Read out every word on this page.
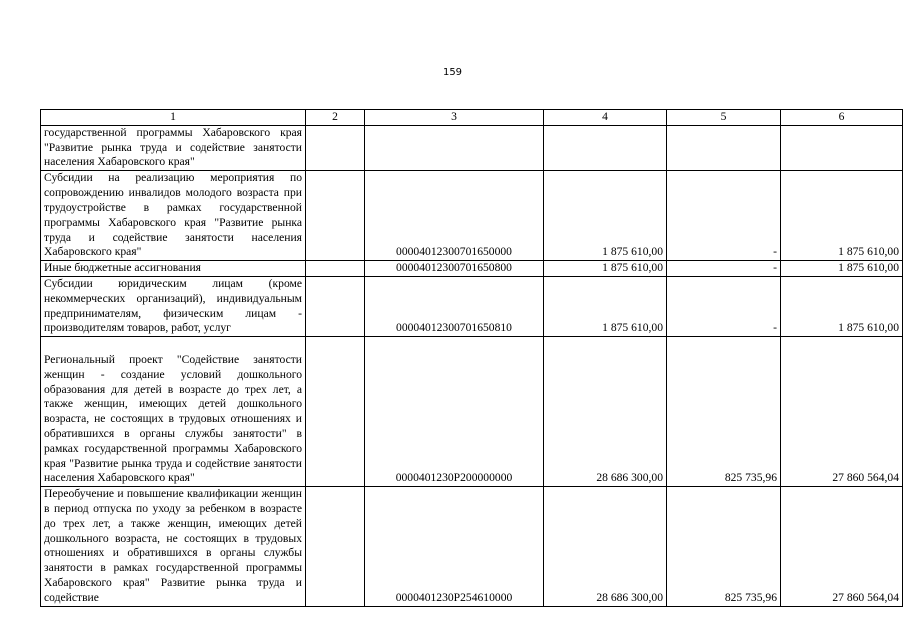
159
1	2	3	4	5	6
государственной программы Хабаровского края "Развитие рынка труда и содействие занятости населения Хабаровского края"					
Субсидии на реализацию мероприятия по сопровождению инвалидов молодого возраста при трудоустройстве в рамках государственной программы Хабаровского края "Развитие рынка труда и содействие занятости населения Хабаровского края"		00004012300701650000	1 875 610,00	-	1 875 610,00
Иные бюджетные ассигнования		00004012300701650800	1 875 610,00	-	1 875 610,00
Субсидии юридическим лицам (кроме некоммерческих организаций), индивидуальным предпринимателям, физическим лицам - производителям товаров, работ, услуг		00004012300701650810	1 875 610,00	-	1 875 610,00
Региональный проект "Содействие занятости женщин - создание условий дошкольного образования для детей в возрасте до трех лет, а также женщин, имеющих детей дошкольного возраста, не состоящих в трудовых отношениях и обратившихся в органы службы занятости" в рамках государственной программы Хабаровского края "Развитие рынка труда и содействие занятости населения Хабаровского края"		0000401230P200000000	28 686 300,00	825 735,96	27 860 564,04
Переобучение и повышение квалификации женщин в период отпуска по уходу за ребенком в возрасте до трех лет, а также женщин, имеющих детей дошкольного возраста, не состоящих в трудовых отношениях и обратившихся в органы службы занятости в рамках государственной программы Хабаровского края" Развитие рынка труда и содействие		0000401230P254610000	28 686 300,00	825 735,96	27 860 564,04
